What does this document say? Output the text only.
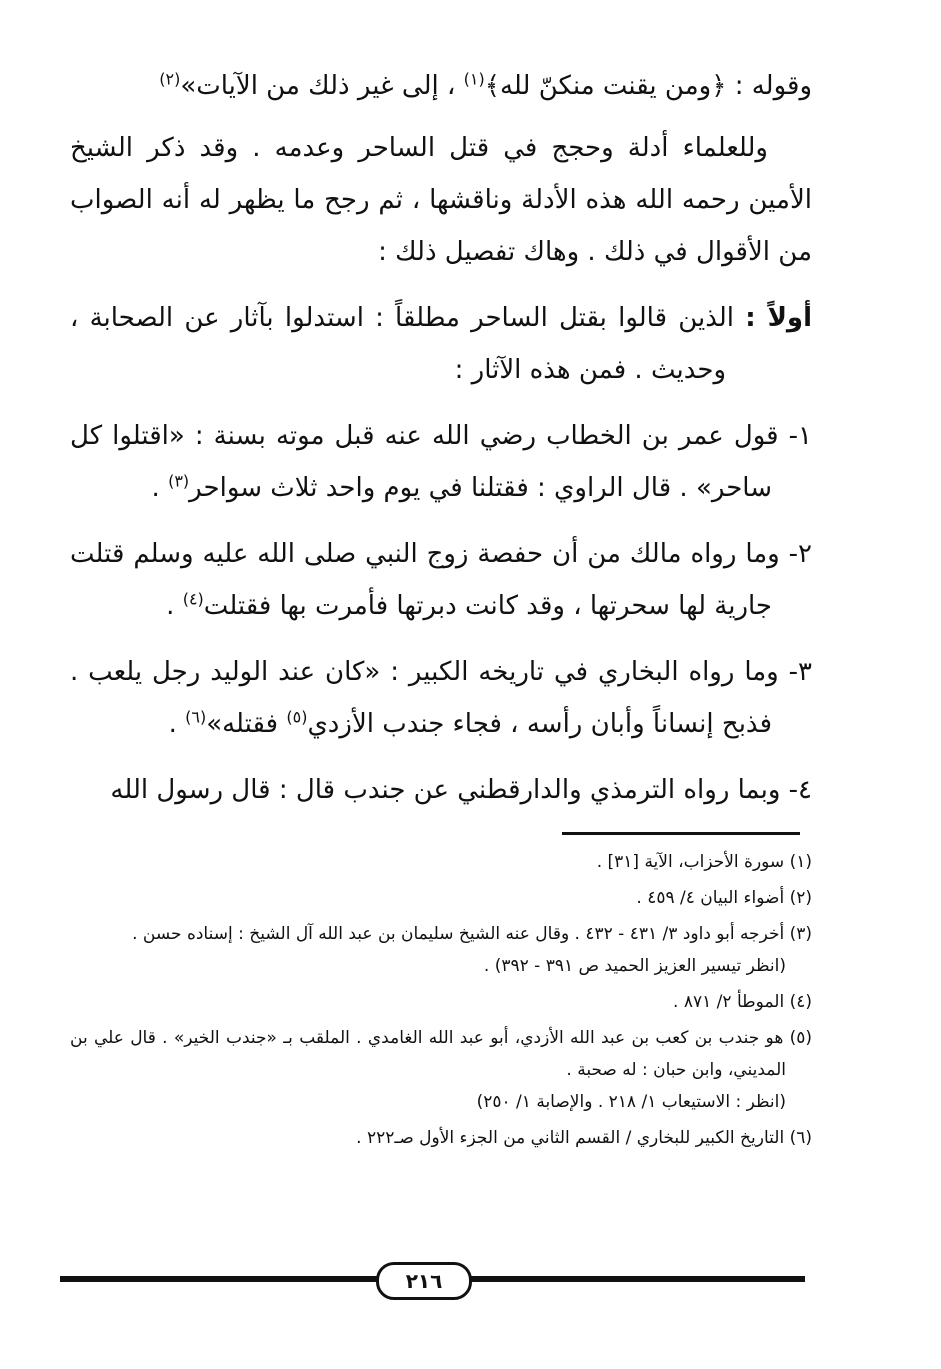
وقوله : ﴿ومن يقنت منكنّ لله﴾$^{(١)}$ ، إلى غير ذلك من الآيات»$^{(٢)}$

وللعلماء أدلة وحجج في قتل الساحر وعدمه . وقد ذكر الشيخ الأمين رحمه الله هذه الأدلة وناقشها ، ثم رجح ما يظهر له أنه الصواب من الأقوال في ذلك . وهاك تفصيل ذلك :

أولاً : الذين قالوا بقتل الساحر مطلقاً : استدلوا بآثار عن الصحابة ، وحديث . فمن هذه الآثار :

١- قول عمر بن الخطاب رضي الله عنه قبل موته بسنة : «اقتلوا كل ساحر» . قال الراوي : فقتلنا في يوم واحد ثلاث سواحر$^{(٣)}$ .

٢- وما رواه مالك من أن حفصة زوج النبي صلى الله عليه وسلم قتلت جارية لها سحرتها ، وقد كانت دبرتها فأمرت بها فقتلت$^{(٤)}$ .

٣- وما رواه البخاري في تاريخه الكبير : «كان عند الوليد رجل يلعب . فذبح إنساناً وأبان رأسه ، فجاء جندب الأزدي$^{(٥)}$ فقتله»$^{(٦)}$ .

٤- وبما رواه الترمذي والدارقطني عن جندب قال : قال رسول الله

(١) سورة الأحزاب، الآية [٣١] .

(٢) أضواء البيان ٤/ ٤٥٩ .

(٣) أخرجه أبو داود ٣/ ٤٣١ - ٤٣٢ . وقال عنه الشيخ سليمان بن عبد الله آل الشيخ : إسناده حسن .

(انظر تيسير العزيز الحميد ص ٣٩١ - ٣٩٢) .

(٤) الموطأ ٢/ ٨٧١ .

(٥) هو جندب بن كعب بن عبد الله الأزدي، أبو عبد الله الغامدي . الملقب بـ «جندب الخير» . قال علي بن المديني، وابن حبان : له صحبة .

(انظر : الاستيعاب ١/ ٢١٨ . والإصابة ١/ ٢٥٠)

(٦) التاريخ الكبير للبخاري / القسم الثاني من الجزء الأول صـ٢٢٢ .

٢١٦
